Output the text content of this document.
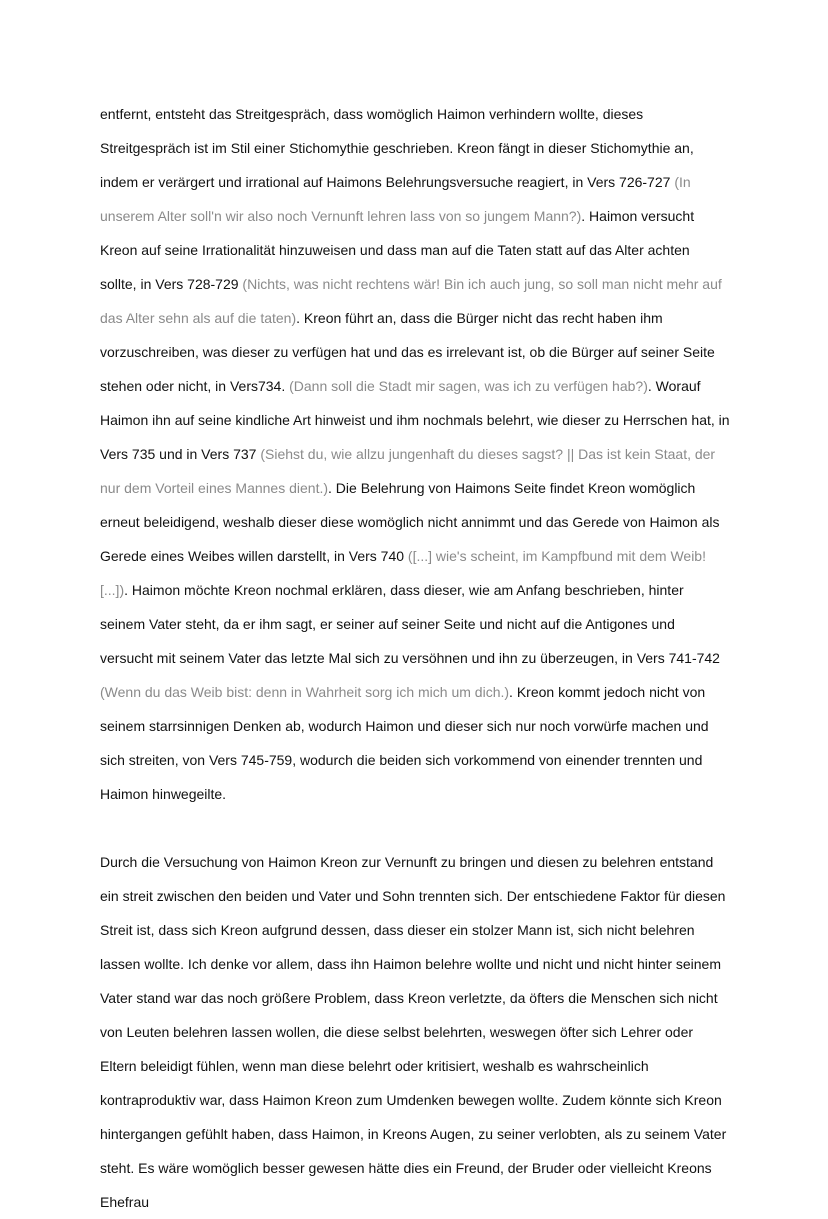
entfernt, entsteht das Streitgespräch, dass womöglich Haimon verhindern wollte, dieses Streitgespräch ist im Stil einer Stichomythie geschrieben. Kreon fängt in dieser Stichomythie an, indem er verärgert und irrational auf Haimons Belehrungsversuche reagiert, in Vers 726-727 (In unserem Alter soll'n wir also noch Vernunft lehren lass von so jungem Mann?). Haimon versucht Kreon auf seine Irrationalität hinzuweisen und dass man auf die Taten statt auf das Alter achten sollte, in Vers 728-729 (Nichts, was nicht rechtens wär! Bin ich auch jung, so soll man nicht mehr auf das Alter sehn als auf die taten). Kreon führt an, dass die Bürger nicht das recht haben ihm vorzuschreiben, was dieser zu verfügen hat und das es irrelevant ist, ob die Bürger auf seiner Seite stehen oder nicht, in Vers734. (Dann soll die Stadt mir sagen, was ich zu verfügen hab?). Worauf Haimon ihn auf seine kindliche Art hinweist und ihm nochmals belehrt, wie dieser zu Herrschen hat, in Vers 735 und in Vers 737 (Siehst du, wie allzu jungenhaft du dieses sagst? || Das ist kein Staat, der nur dem Vorteil eines Mannes dient.). Die Belehrung von Haimons Seite findet Kreon womöglich erneut beleidigend, weshalb dieser diese womöglich nicht annimmt und das Gerede von Haimon als Gerede eines Weibes willen darstellt, in Vers 740 ([...] wie's scheint, im Kampfbund mit dem Weib! [...]). Haimon möchte Kreon nochmal erklären, dass dieser, wie am Anfang beschrieben, hinter seinem Vater steht, da er ihm sagt, er seiner auf seiner Seite und nicht auf die Antigones und versucht mit seinem Vater das letzte Mal sich zu versöhnen und ihn zu überzeugen, in Vers 741-742 (Wenn du das Weib bist: denn in Wahrheit sorg ich mich um dich.). Kreon kommt jedoch nicht von seinem starrsinnigen Denken ab, wodurch Haimon und dieser sich nur noch vorwürfe machen und sich streiten, von Vers 745-759, wodurch die beiden sich vorkommend von einender trennten und Haimon hinwegeilte.

Durch die Versuchung von Haimon Kreon zur Vernunft zu bringen und diesen zu belehren entstand ein streit zwischen den beiden und Vater und Sohn trennten sich. Der entschiedene Faktor für diesen Streit ist, dass sich Kreon aufgrund dessen, dass dieser ein stolzer Mann ist, sich nicht belehren lassen wollte. Ich denke vor allem, dass ihn Haimon belehre wollte und nicht und nicht hinter seinem Vater stand war das noch größere Problem, dass Kreon verletzte, da öfters die Menschen sich nicht von Leuten belehren lassen wollen, die diese selbst belehrten, weswegen öfter sich Lehrer oder Eltern beleidigt fühlen, wenn man diese belehrt oder kritisiert, weshalb es wahrscheinlich kontraproduktiv war, dass Haimon Kreon zum Umdenken bewegen wollte. Zudem könnte sich Kreon hintergangen gefühlt haben, dass Haimon, in Kreons Augen, zu seiner verlobten, als zu seinem Vater steht. Es wäre womöglich besser gewesen hätte dies ein Freund, der Bruder oder vielleicht Kreons Ehefrau
